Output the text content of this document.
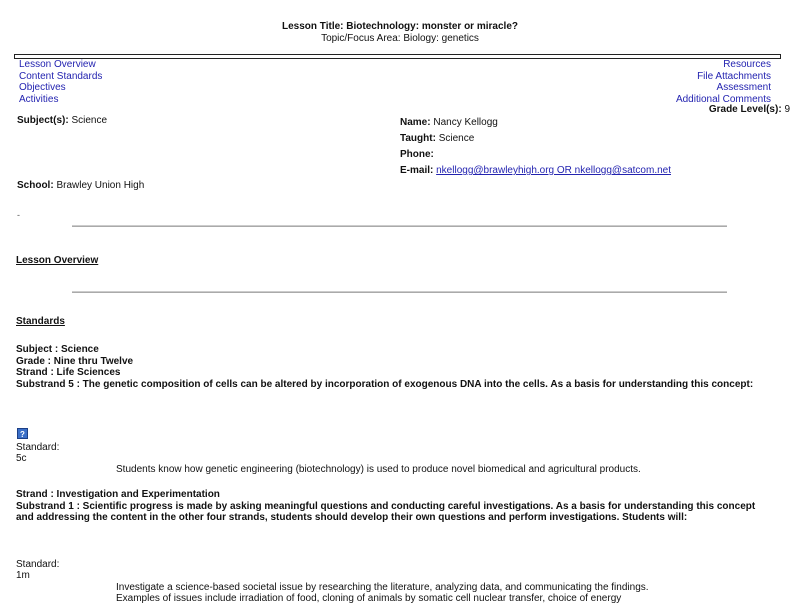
Lesson Title: Biotechnology: monster or miracle?
Topic/Focus Area: Biology: genetics
Lesson Overview
Content Standards
Objectives
Activities
Resources
File Attachments
Assessment
Additional Comments
Grade Level(s): 9
Subject(s): Science	Name: Nancy Kellogg
Taught: Science
Phone:
E-mail: nkellogg@brawleyhigh.org OR nkellogg@satcom.net
School: Brawley Union High
-
Lesson Overview
Standards
Subject : Science
Grade : Nine thru Twelve
Strand : Life Sciences
Substrand 5 : The genetic composition of cells can be altered by incorporation of exogenous DNA into the cells. As a basis for understanding this concept:
?
Standard:
5c
Students know how genetic engineering (biotechnology) is used to produce novel biomedical and agricultural products.
Strand : Investigation and Experimentation
Substrand 1 : Scientific progress is made by asking meaningful questions and conducting careful investigations. As a basis for understanding this concept
and addressing the content in the other four strands, students should develop their own questions and perform investigations. Students will:
Standard:
1m
Investigate a science-based societal issue by researching the literature, analyzing data, and communicating the findings.
Examples of issues include irradiation of food, cloning of animals by somatic cell nuclear transfer, choice of energy
